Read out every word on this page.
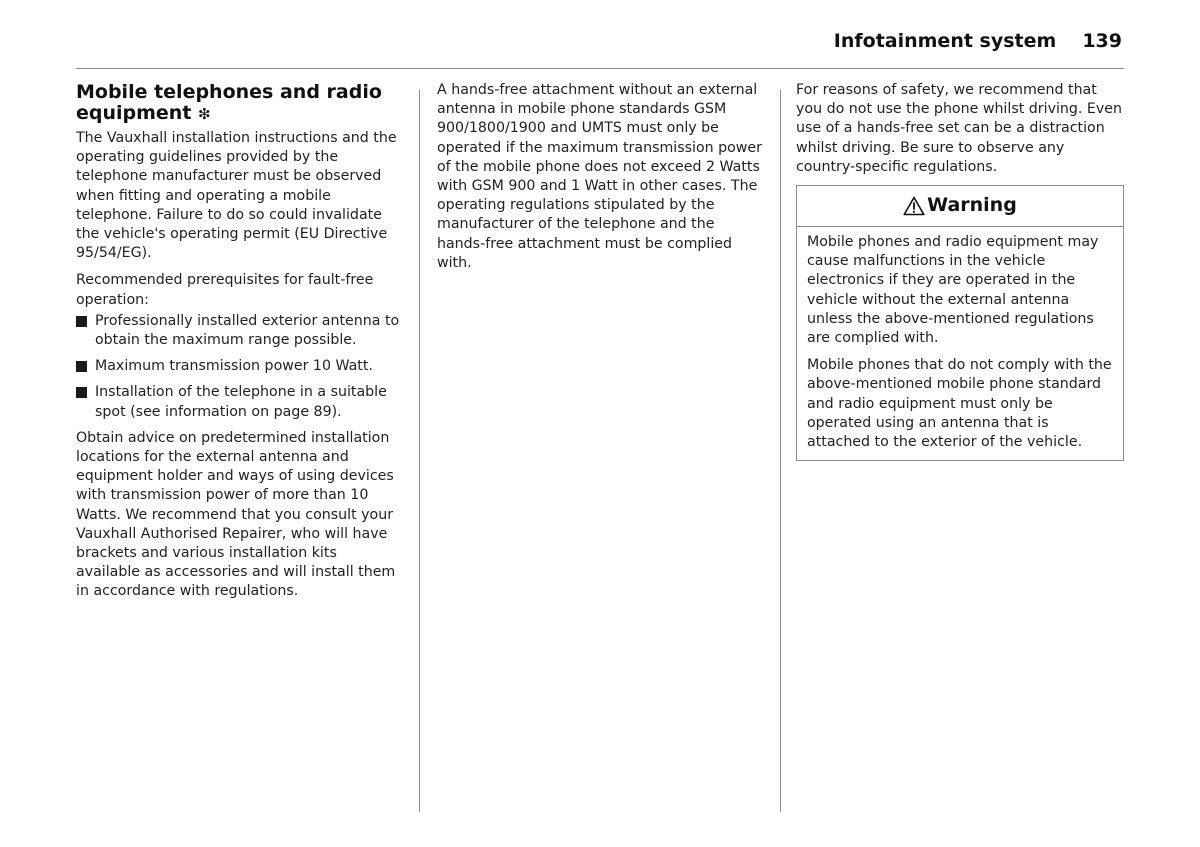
Infotainment system 139
Mobile telephones and radio equipment ❇

The Vauxhall installation instructions and the operating guidelines provided by the telephone manufacturer must be observed when fitting and operating a mobile telephone. Failure to do so could invalidate the vehicle's operating permit (EU Directive 95/54/EG).

Recommended prerequisites for fault-free operation:

Professionally installed exterior antenna to obtain the maximum range possible.
Maximum transmission power 10 Watt.
Installation of the telephone in a suitable spot (see information on page 89).

Obtain advice on predetermined installation locations for the external antenna and equipment holder and ways of using devices with transmission power of more than 10 Watts. We recommend that you consult your Vauxhall Authorised Repairer, who will have brackets and various installation kits available as accessories and will install them in accordance with regulations.

A hands-free attachment without an external antenna in mobile phone standards GSM 900/1800/1900 and UMTS must only be operated if the maximum transmission power of the mobile phone does not exceed 2 Watts with GSM 900 and 1 Watt in other cases. The operating regulations stipulated by the manufacturer of the telephone and the hands-free attachment must be complied with.

For reasons of safety, we recommend that you do not use the phone whilst driving. Even use of a hands-free set can be a distraction whilst driving. Be sure to observe any country-specific regulations.

Warning

Mobile phones and radio equipment may cause malfunctions in the vehicle electronics if they are operated in the vehicle without the external antenna unless the above-mentioned regulations are complied with.

Mobile phones that do not comply with the above-mentioned mobile phone standard and radio equipment must only be operated using an antenna that is attached to the exterior of the vehicle.
